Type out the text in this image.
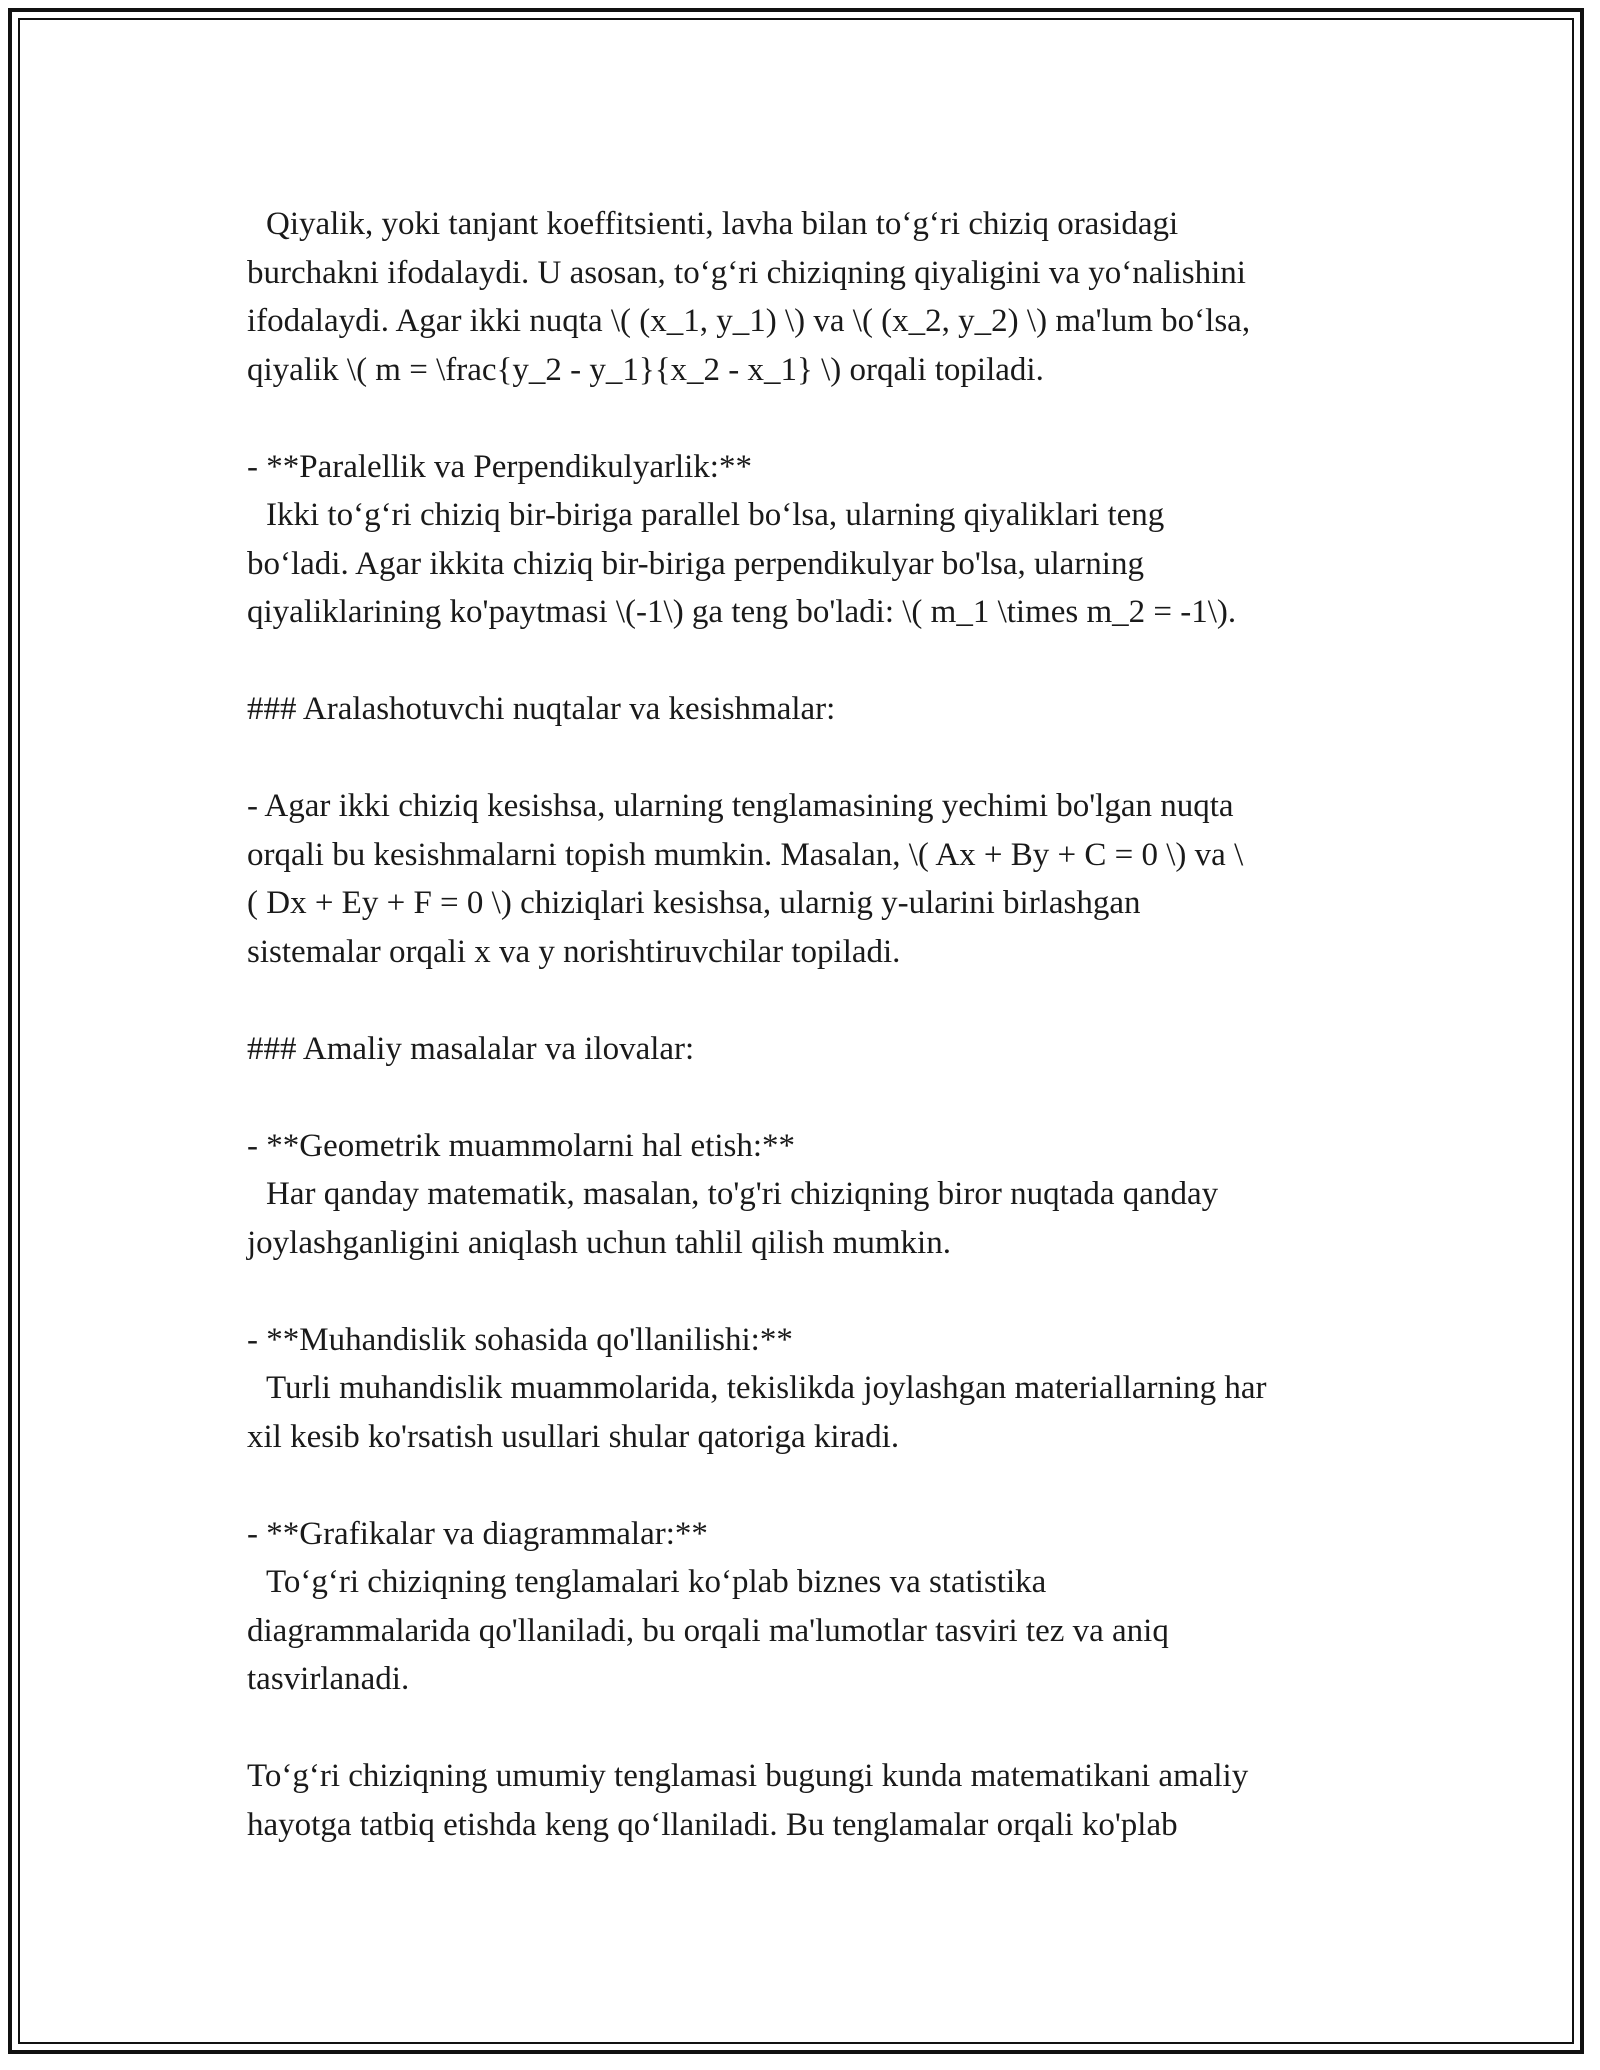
Qiyalik, yoki tanjant koeffitsienti, lavha bilan to‘g‘ri chiziq orasidagi
burchakni ifodalaydi. U asosan, to‘g‘ri chiziqning qiyaligini va yo‘nalishini
ifodalaydi. Agar ikki nuqta \( (x_1, y_1) \) va \( (x_2, y_2) \) ma'lum bo‘lsa,
qiyalik \( m = \frac{y_2 - y_1}{x_2 - x_1} \) orqali topiladi.
- **Paralellik va Perpendikulyarlik:**
Ikki to‘g‘ri chiziq bir-biriga parallel bo‘lsa, ularning qiyaliklari teng
bo‘ladi. Agar ikkita chiziq bir-biriga perpendikulyar bo'lsa, ularning
qiyaliklarining ko'paytmasi \(-1\) ga teng bo'ladi: \( m_1 \times m_2 = -1\).
### Aralashotuvchi nuqtalar va kesishmalar:
- Agar ikki chiziq kesishsa, ularning tenglamasining yechimi bo'lgan nuqta
orqali bu kesishmalarni topish mumkin. Masalan, \( Ax + By + C = 0 \) va \
( Dx + Ey + F = 0 \) chiziqlari kesishsa, ularnig y-ularini birlashgan
sistemalar orqali x va y norishtiruvchilar topiladi.
### Amaliy masalalar va ilovalar:
- **Geometrik muammolarni hal etish:**
Har qanday matematik, masalan, to'g'ri chiziqning biror nuqtada qanday
joylashganligini aniqlash uchun tahlil qilish mumkin.
- **Muhandislik sohasida qo'llanilishi:**
Turli muhandislik muammolarida, tekislikda joylashgan materiallarning har
xil kesib ko'rsatish usullari shular qatoriga kiradi.
- **Grafikalar va diagrammalar:**
To‘g‘ri chiziqning tenglamalari ko‘plab biznes va statistika
diagrammalarida qo'llaniladi, bu orqali ma'lumotlar tasviri tez va aniq
tasvirlanadi.
To‘g‘ri chiziqning umumiy tenglamasi bugungi kunda matematikani amaliy
hayotga tatbiq etishda keng qo‘llaniladi. Bu tenglamalar orqali ko'plab
